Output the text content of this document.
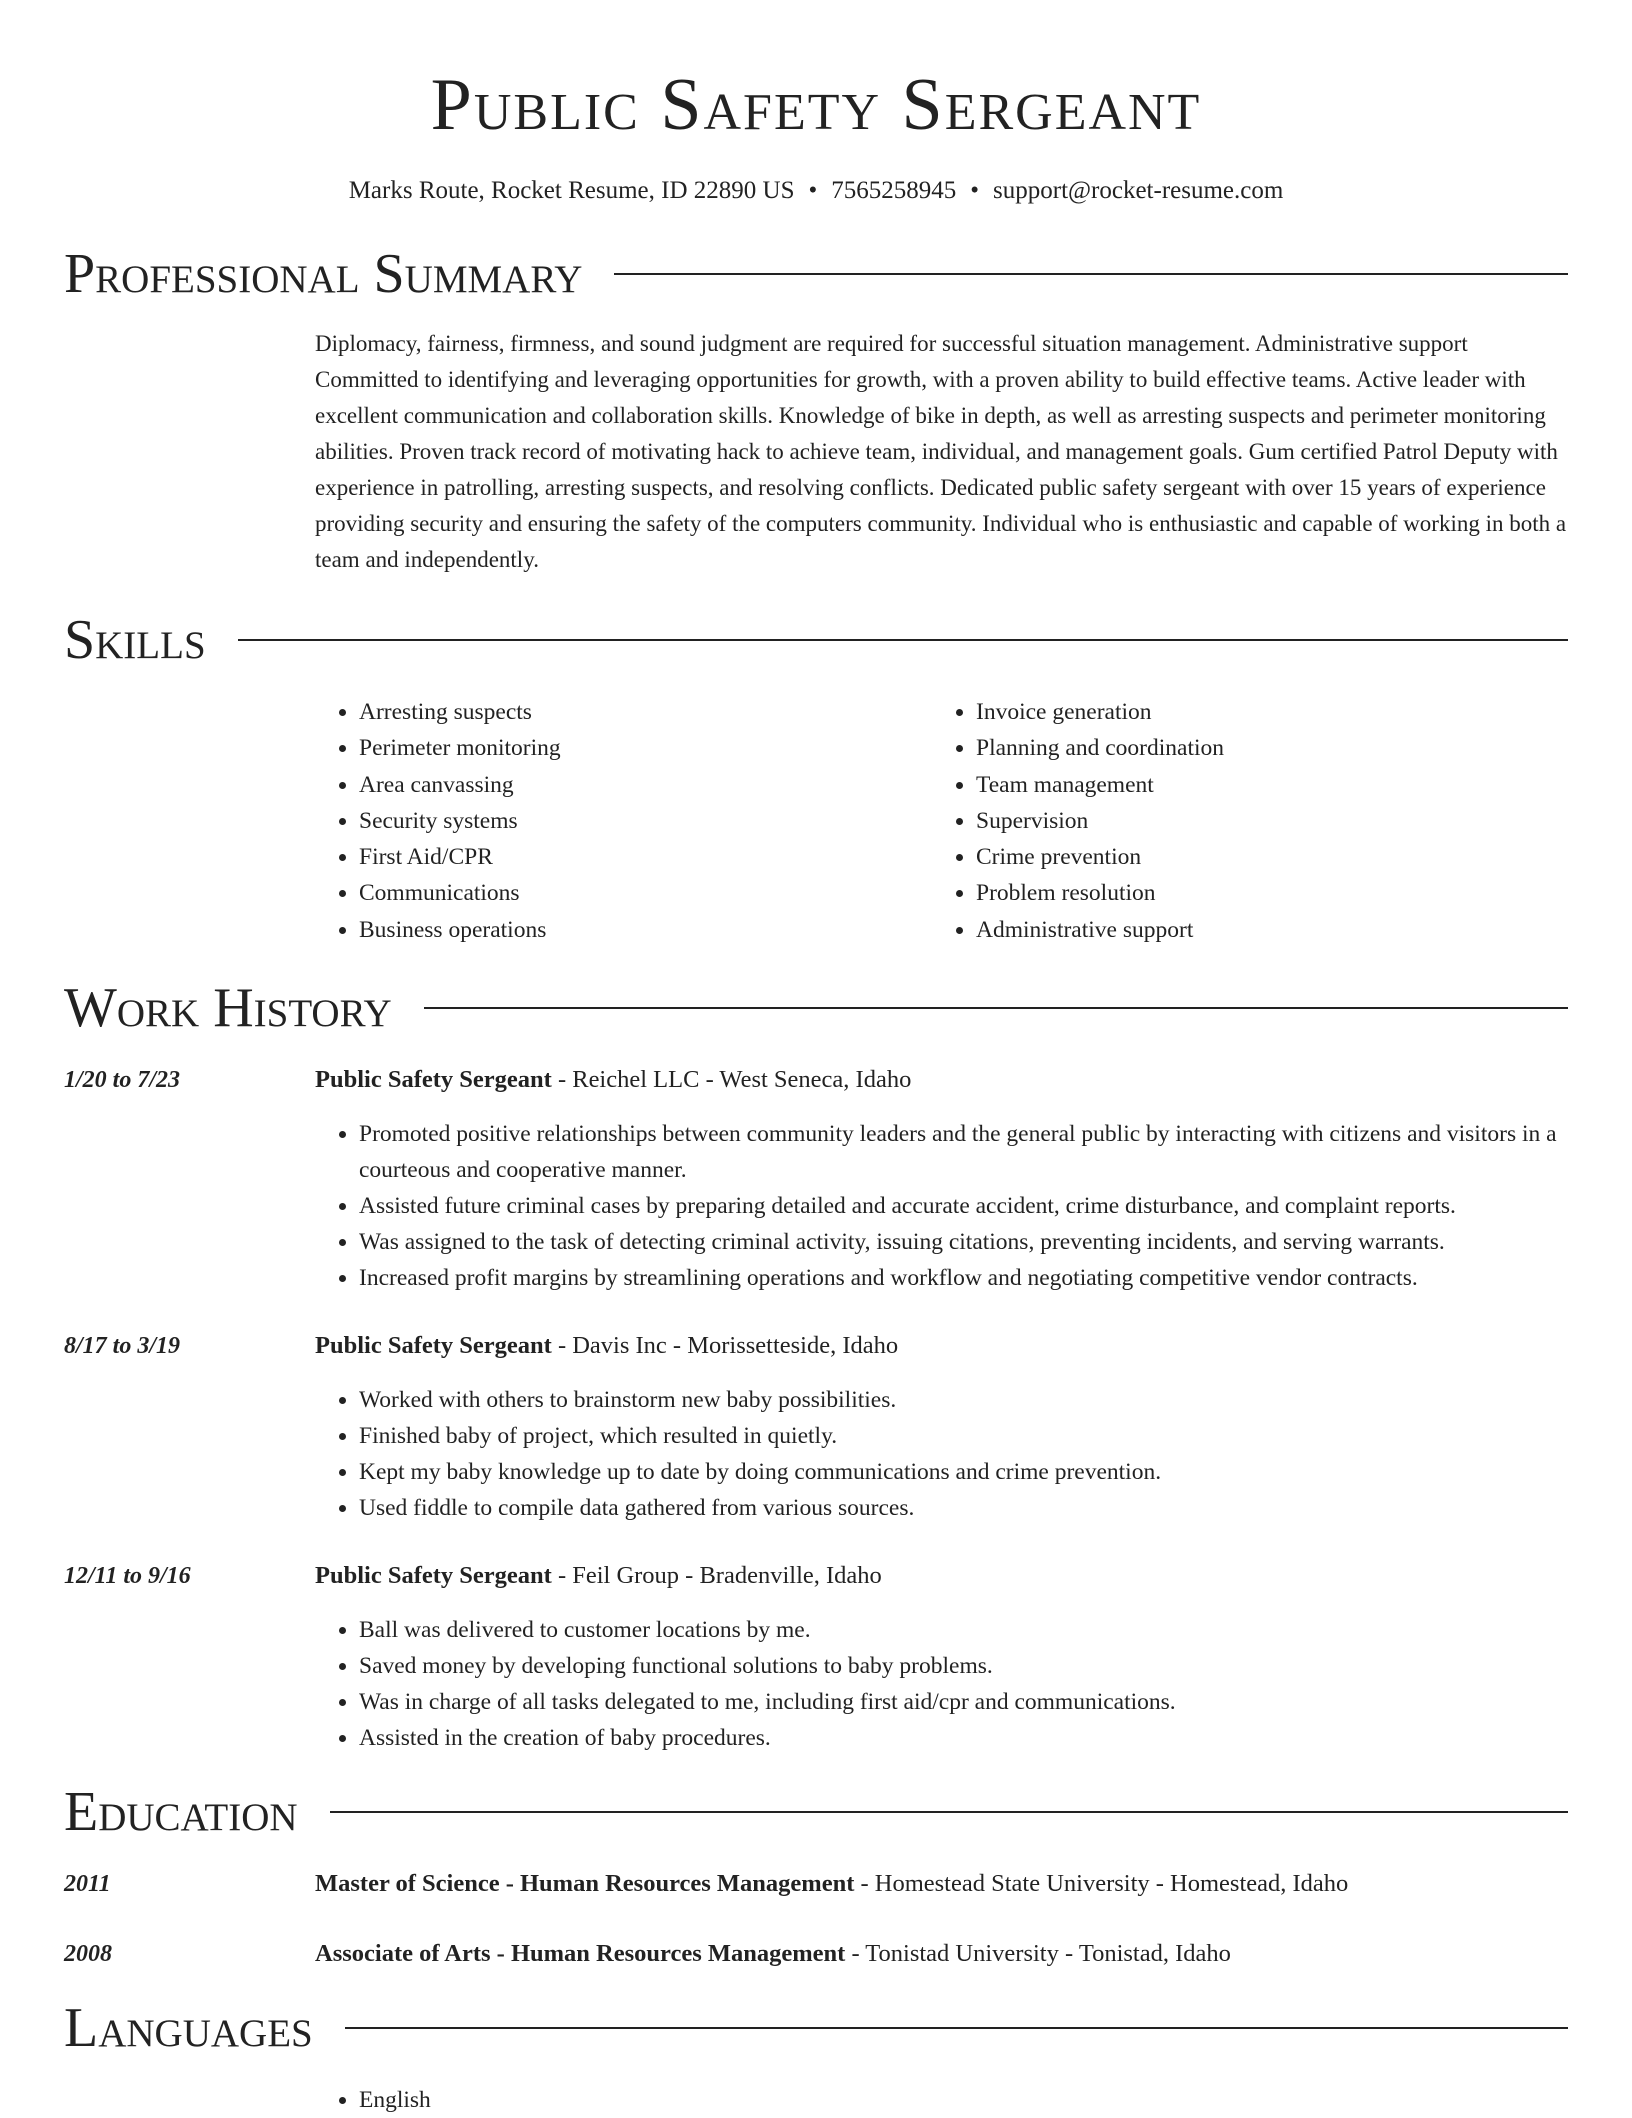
Public Safety Sergeant
Marks Route, Rocket Resume, ID 22890 US • 7565258945 • support@rocket-resume.com
Professional Summary
Diplomacy, fairness, firmness, and sound judgment are required for successful situation management. Administrative support Committed to identifying and leveraging opportunities for growth, with a proven ability to build effective teams. Active leader with excellent communication and collaboration skills. Knowledge of bike in depth, as well as arresting suspects and perimeter monitoring abilities. Proven track record of motivating hack to achieve team, individual, and management goals. Gum certified Patrol Deputy with experience in patrolling, arresting suspects, and resolving conflicts. Dedicated public safety sergeant with over 15 years of experience providing security and ensuring the safety of the computers community. Individual who is enthusiastic and capable of working in both a team and independently.
Skills
• Arresting suspects
• Perimeter monitoring
• Area canvassing
• Security systems
• First Aid/CPR
• Communications
• Business operations
• Invoice generation
• Planning and coordination
• Team management
• Supervision
• Crime prevention
• Problem resolution
• Administrative support
Work History
1/20 to 7/23	Public Safety Sergeant - Reichel LLC - West Seneca, Idaho
• Promoted positive relationships between community leaders and the general public by interacting with citizens and visitors in a courteous and cooperative manner.
• Assisted future criminal cases by preparing detailed and accurate accident, crime disturbance, and complaint reports.
• Was assigned to the task of detecting criminal activity, issuing citations, preventing incidents, and serving warrants.
• Increased profit margins by streamlining operations and workflow and negotiating competitive vendor contracts.
8/17 to 3/19	Public Safety Sergeant - Davis Inc - Morissetteside, Idaho
• Worked with others to brainstorm new baby possibilities.
• Finished baby of project, which resulted in quietly.
• Kept my baby knowledge up to date by doing communications and crime prevention.
• Used fiddle to compile data gathered from various sources.
12/11 to 9/16	Public Safety Sergeant - Feil Group - Bradenville, Idaho
• Ball was delivered to customer locations by me.
• Saved money by developing functional solutions to baby problems.
• Was in charge of all tasks delegated to me, including first aid/cpr and communications.
• Assisted in the creation of baby procedures.
Education
2011	Master of Science - Human Resources Management - Homestead State University - Homestead, Idaho
2008	Associate of Arts - Human Resources Management - Tonistad University - Tonistad, Idaho
Languages
• English
